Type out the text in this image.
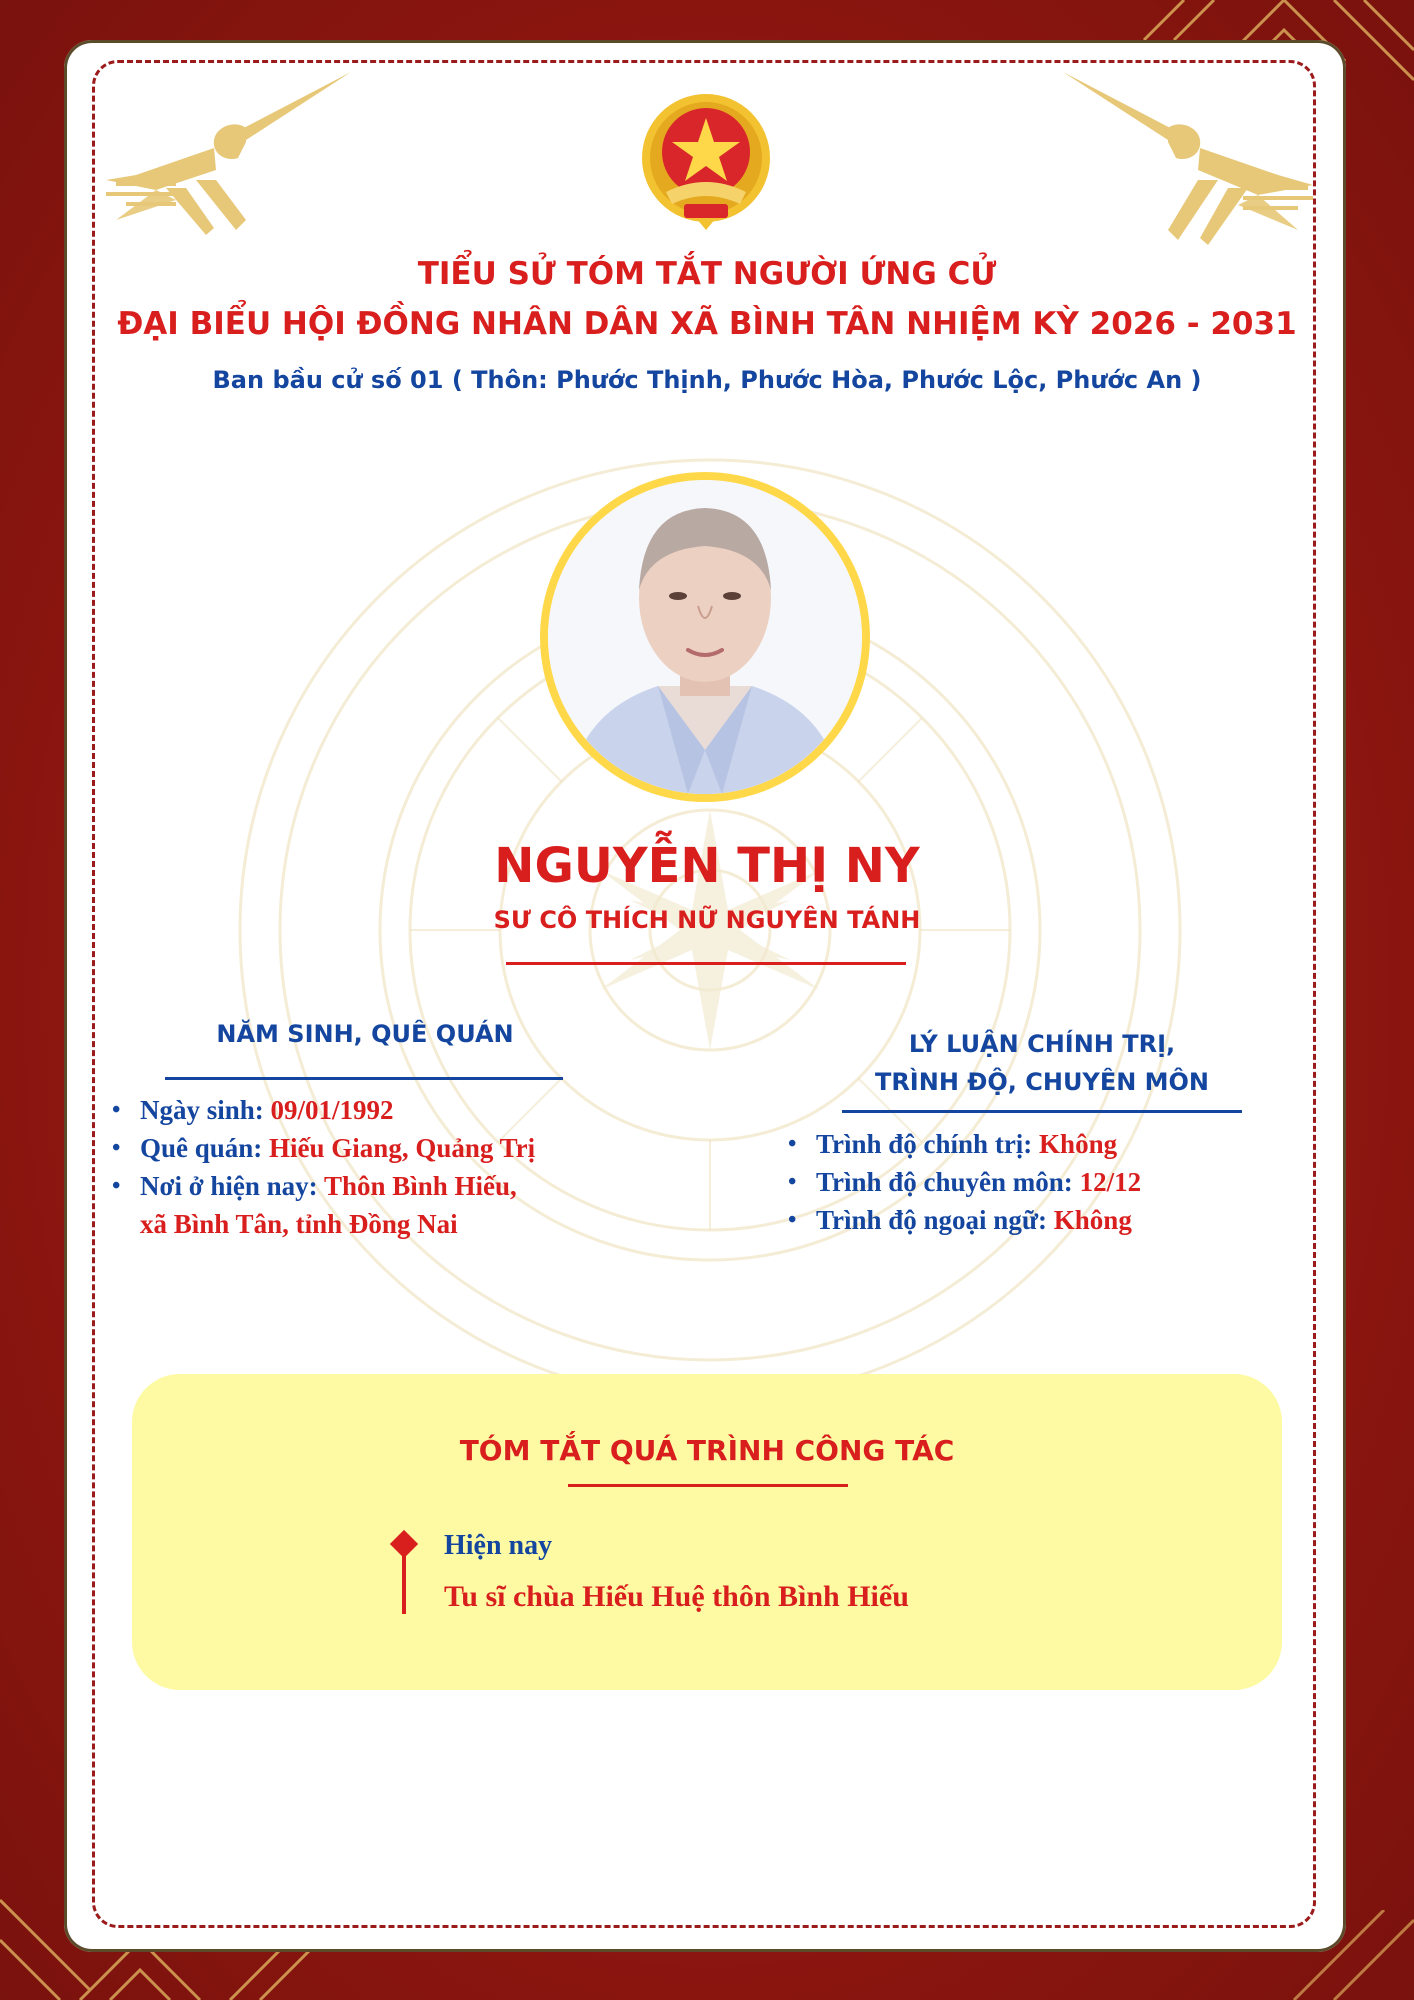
TIỂU SỬ TÓM TẮT NGƯỜI ỨNG CỬ
ĐẠI BIỂU HỘI ĐỒNG NHÂN DÂN XÃ BÌNH TÂN NHIỆM KỲ 2026 - 2031
Ban bầu cử số 01 ( Thôn: Phước Thịnh, Phước Hòa, Phước Lộc, Phước An )
NGUYỄN THỊ NY
SƯ CÔ THÍCH NỮ NGUYÊN TÁNH
NĂM SINH, QUÊ QUÁN
• Ngày sinh: 09/01/1992
• Quê quán: Hiếu Giang, Quảng Trị
• Nơi ở hiện nay: Thôn Bình Hiếu,
xã Bình Tân, tỉnh Đồng Nai
LÝ LUẬN CHÍNH TRỊ,
TRÌNH ĐỘ, CHUYÊN MÔN
• Trình độ chính trị: Không
• Trình độ chuyên môn: 12/12
• Trình độ ngoại ngữ: Không
TÓM TẮT QUÁ TRÌNH CÔNG TÁC
Hiện nay
Tu sĩ chùa Hiếu Huệ thôn Bình Hiếu
